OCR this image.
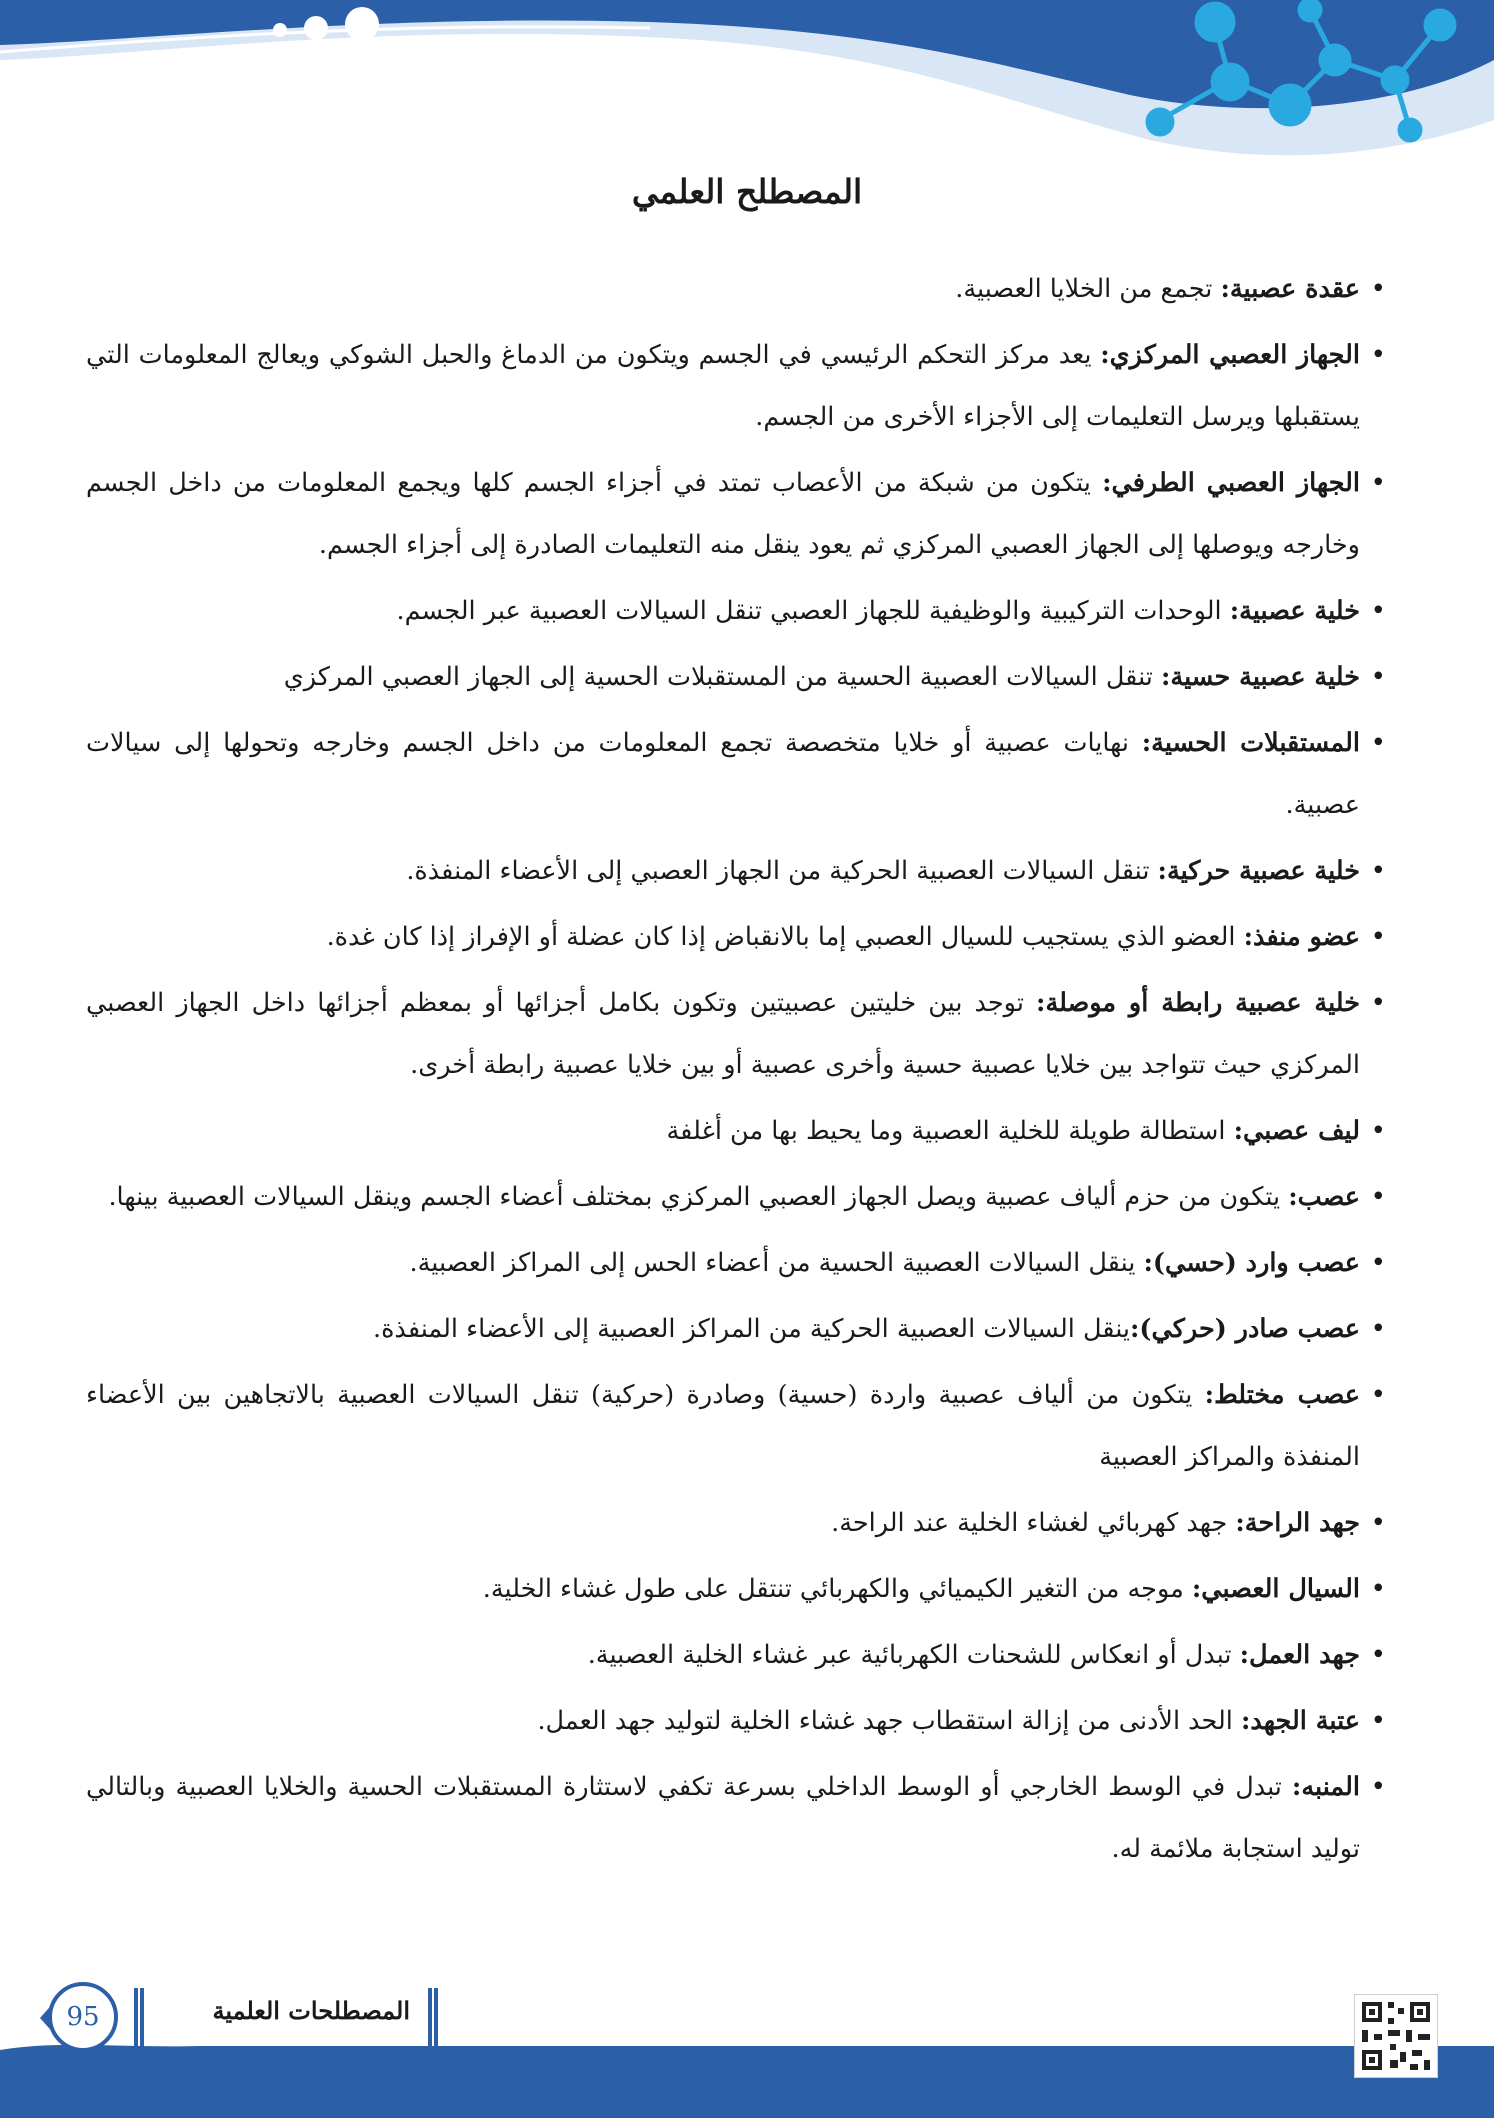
المصطلح العلمي
• عقدة عصبية: تجمع من الخلايا العصبية.
• الجهاز العصبي المركزي: يعد مركز التحكم الرئيسي في الجسم ويتكون من الدماغ والحبل الشوكي ويعالج المعلومات التي يستقبلها ويرسل التعليمات إلى الأجزاء الأخرى من الجسم.
• الجهاز العصبي الطرفي: يتكون من شبكة من الأعصاب تمتد في أجزاء الجسم كلها ويجمع المعلومات من داخل الجسم وخارجه ويوصلها إلى الجهاز العصبي المركزي ثم يعود ينقل منه التعليمات الصادرة إلى أجزاء الجسم.
• خلية عصبية: الوحدات التركيبية والوظيفية للجهاز العصبي تنقل السيالات العصبية عبر الجسم.
• خلية عصبية حسية: تنقل السيالات العصبية الحسية من المستقبلات الحسية إلى الجهاز العصبي المركزي
• المستقبلات الحسية: نهايات عصبية أو خلايا متخصصة تجمع المعلومات من داخل الجسم وخارجه وتحولها إلى سيالات عصبية.
• خلية عصبية حركية: تنقل السيالات العصبية الحركية من الجهاز العصبي إلى الأعضاء المنفذة.
• عضو منفذ: العضو الذي يستجيب للسيال العصبي إما بالانقباض إذا كان عضلة أو الإفراز إذا كان غدة.
• خلية عصبية رابطة أو موصلة: توجد بين خليتين عصبيتين وتكون بكامل أجزائها أو بمعظم أجزائها داخل الجهاز العصبي المركزي حيث تتواجد بين خلايا عصبية حسية وأخرى عصبية أو بين خلايا عصبية رابطة أخرى.
• ليف عصبي: استطالة طويلة للخلية العصبية وما يحيط بها من أغلفة
• عصب: يتكون من حزم ألياف عصبية ويصل الجهاز العصبي المركزي بمختلف أعضاء الجسم وينقل السيالات العصبية بينها.
• عصب وارد (حسي): ينقل السيالات العصبية الحسية من أعضاء الحس إلى المراكز العصبية.
• عصب صادر (حركي):ينقل السيالات العصبية الحركية من المراكز العصبية إلى الأعضاء المنفذة.
• عصب مختلط: يتكون من ألياف عصبية واردة (حسية) وصادرة (حركية) تنقل السيالات العصبية بالاتجاهين بين الأعضاء المنفذة والمراكز العصبية
• جهد الراحة: جهد كهربائي لغشاء الخلية عند الراحة.
• السيال العصبي: موجه من التغير الكيميائي والكهربائي تنتقل على طول غشاء الخلية.
• جهد العمل: تبدل أو انعكاس للشحنات الكهربائية عبر غشاء الخلية العصبية.
• عتبة الجهد: الحد الأدنى من إزالة استقطاب جهد غشاء الخلية لتوليد جهد العمل.
• المنبه: تبدل في الوسط الخارجي أو الوسط الداخلي بسرعة تكفي لاستثارة المستقبلات الحسية والخلايا العصبية وبالتالي توليد استجابة ملائمة له.
95	المصطلحات العلمية
